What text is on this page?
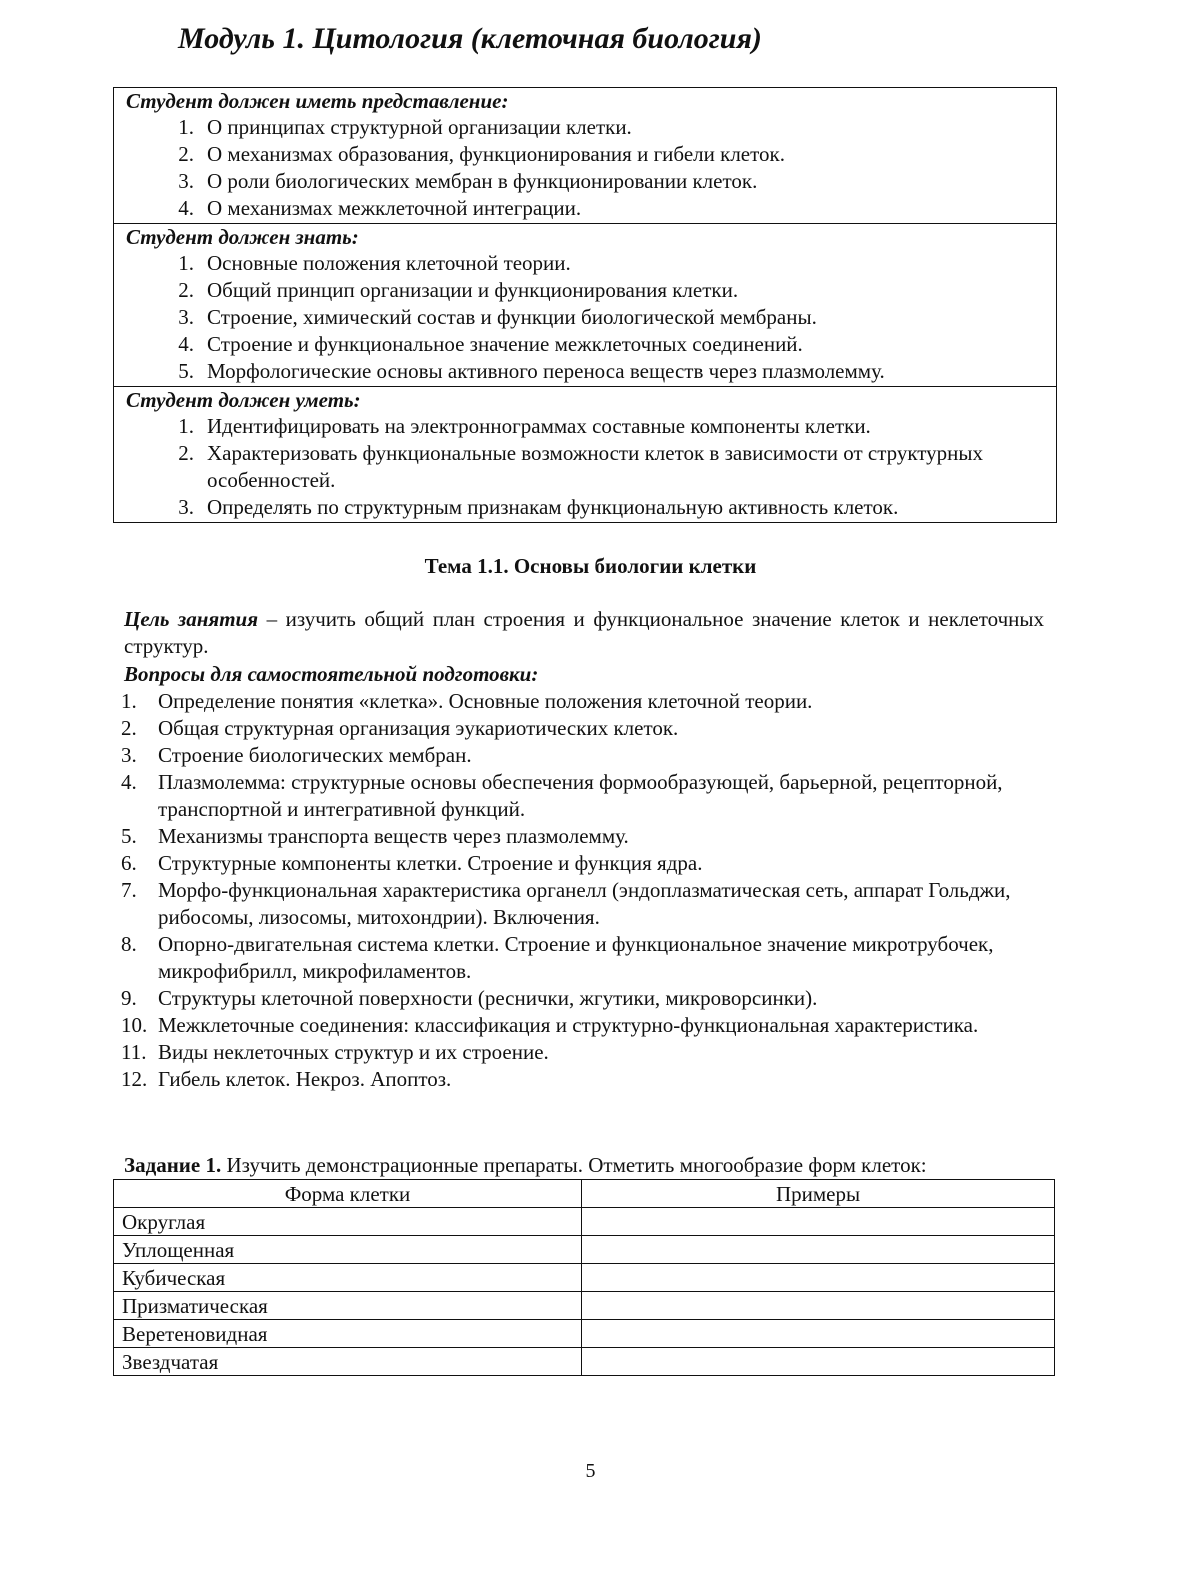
Модуль 1. Цитология (клеточная биология)

Студент должен иметь представление:

1. О принципах структурной организации клетки.
2. О механизмах образования, функционирования и гибели клеток.
3. О роли биологических мембран в функционировании клеток.
4. О механизмах межклеточной интеграции.

Студент должен знать:

1. Основные положения клеточной теории.
2. Общий принцип организации и функционирования клетки.
3. Строение, химический состав и функции биологической мембраны.
4. Строение и функциональное значение межклеточных соединений.
5. Морфологические основы активного переноса веществ через плазмолемму.

Студент должен уметь:

1. Идентифицировать на электроннограммах составные компоненты клетки.
2. Характеризовать функциональные возможности клеток в зависимости от структурных особенностей.
3. Определять по структурным признакам функциональную активность клеток.
Тема 1.1. Основы биологии клетки

Цель занятия – изучить общий план строения и функциональное значение клеток и неклеточных структур.

Вопросы для самостоятельной подготовки:

1.	Определение понятия «клетка». Основные положения клеточной теории.
2.	Общая структурная организация эукариотических клеток.
3.	Строение биологических мембран.
4.	Плазмолемма: структурные основы обеспечения формообразующей, барьерной, рецепторной, транспортной и интегративной функций.
5.	Механизмы транспорта веществ через плазмолемму.
6.	Структурные компоненты клетки. Строение и функция ядра.
7.	Морфо-функциональная характеристика органелл (эндоплазматическая сеть, аппарат Гольджи, рибосомы, лизосомы, митохондрии). Включения.
8.	Опорно-двигательная система клетки. Строение и функциональное значение микротрубочек, микрофибрилл, микрофиламентов.
9.	Структуры клеточной поверхности (реснички, жгутики, микроворсинки).
10. Межклеточные соединения: классификация и структурно-функциональная характеристика.
11. Виды неклеточных структур и их строение.
12. Гибель клеток. Некроз. Апоптоз.

Задание 1. Изучить демонстрационные препараты. Отметить многообразие форм клеток:

Форма клетки	Примеры
Округлая	
Уплощенная	
Кубическая	
Призматическая	
Веретеновидная	
Звездчатая	

5
